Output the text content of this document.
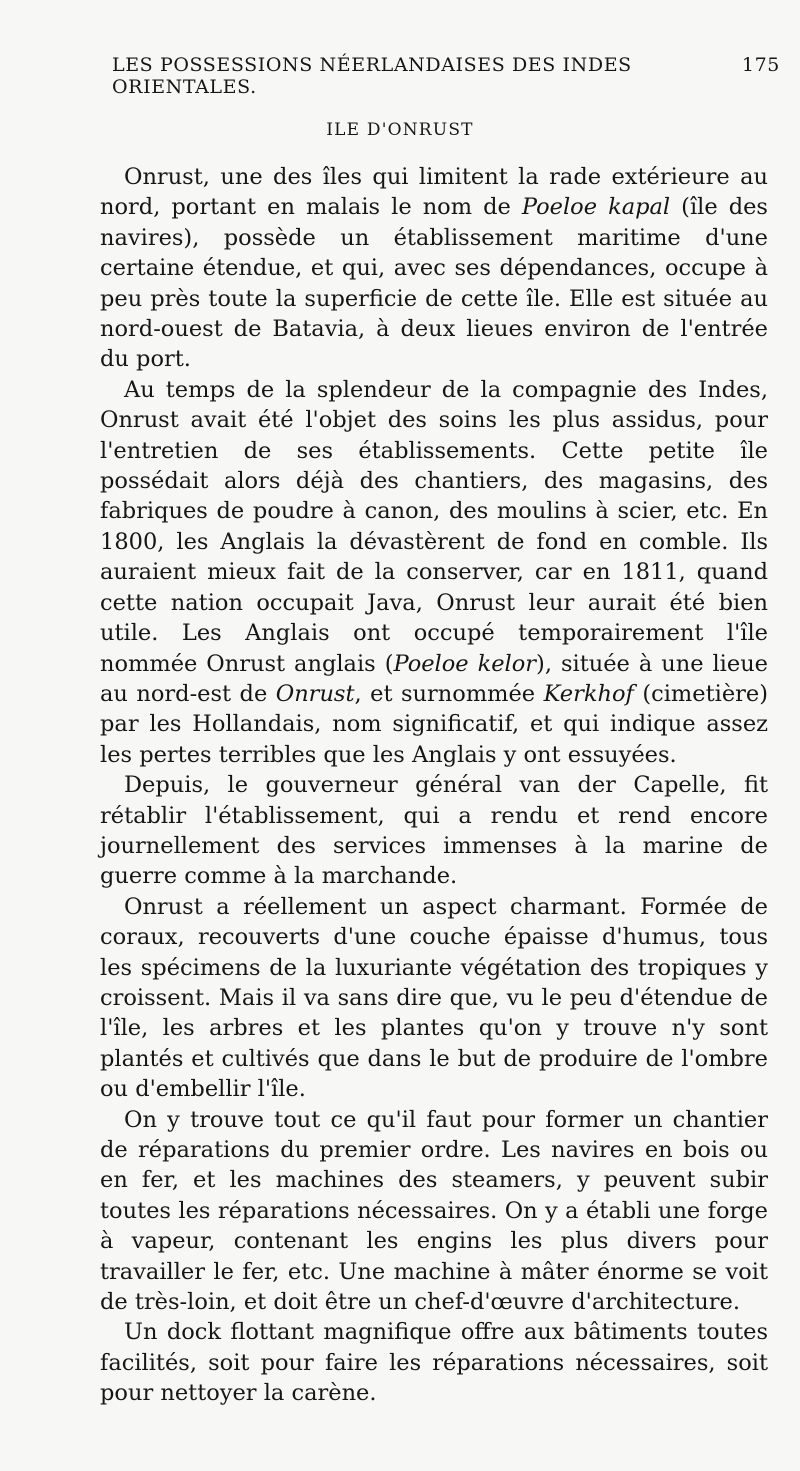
LES POSSESSIONS NÉERLANDAISES DES INDES ORIENTALES.
175
ILE D'ONRUST

Onrust, une des îles qui limitent la rade extérieure au nord, portant en malais le nom de Poeloe kapal (île des navires), possède un établissement maritime d'une certaine étendue, et qui, avec ses dépendances, occupe à peu près toute la superficie de cette île. Elle est située au nord-ouest de Batavia, à deux lieues environ de l'entrée du port.

Au temps de la splendeur de la compagnie des Indes, Onrust avait été l'objet des soins les plus assidus, pour l'entretien de ses établissements. Cette petite île possédait alors déjà des chantiers, des magasins, des fabriques de poudre à canon, des moulins à scier, etc. En 1800, les Anglais la dévastèrent de fond en comble. Ils auraient mieux fait de la conserver, car en 1811, quand cette nation occupait Java, Onrust leur aurait été bien utile. Les Anglais ont occupé temporairement l'île nommée Onrust anglais (Poeloe kelor), située à une lieue au nord-est de Onrust, et surnommée Kerkhof (cimetière) par les Hollandais, nom significatif, et qui indique assez les pertes terribles que les Anglais y ont essuyées.

Depuis, le gouverneur général van der Capelle, fit rétablir l'établissement, qui a rendu et rend encore journellement des services immenses à la marine de guerre comme à la marchande.

Onrust a réellement un aspect charmant. Formée de coraux, recouverts d'une couche épaisse d'humus, tous les spécimens de la luxuriante végétation des tropiques y croissent. Mais il va sans dire que, vu le peu d'étendue de l'île, les arbres et les plantes qu'on y trouve n'y sont plantés et cultivés que dans le but de produire de l'ombre ou d'embellir l'île.

On y trouve tout ce qu'il faut pour former un chantier de réparations du premier ordre. Les navires en bois ou en fer, et les machines des steamers, y peuvent subir toutes les réparations nécessaires. On y a établi une forge à vapeur, contenant les engins les plus divers pour travailler le fer, etc. Une machine à mâter énorme se voit de très-loin, et doit être un chef-d'œuvre d'architecture.

Un dock flottant magnifique offre aux bâtiments toutes facilités, soit pour faire les réparations nécessaires, soit pour nettoyer la carène.
